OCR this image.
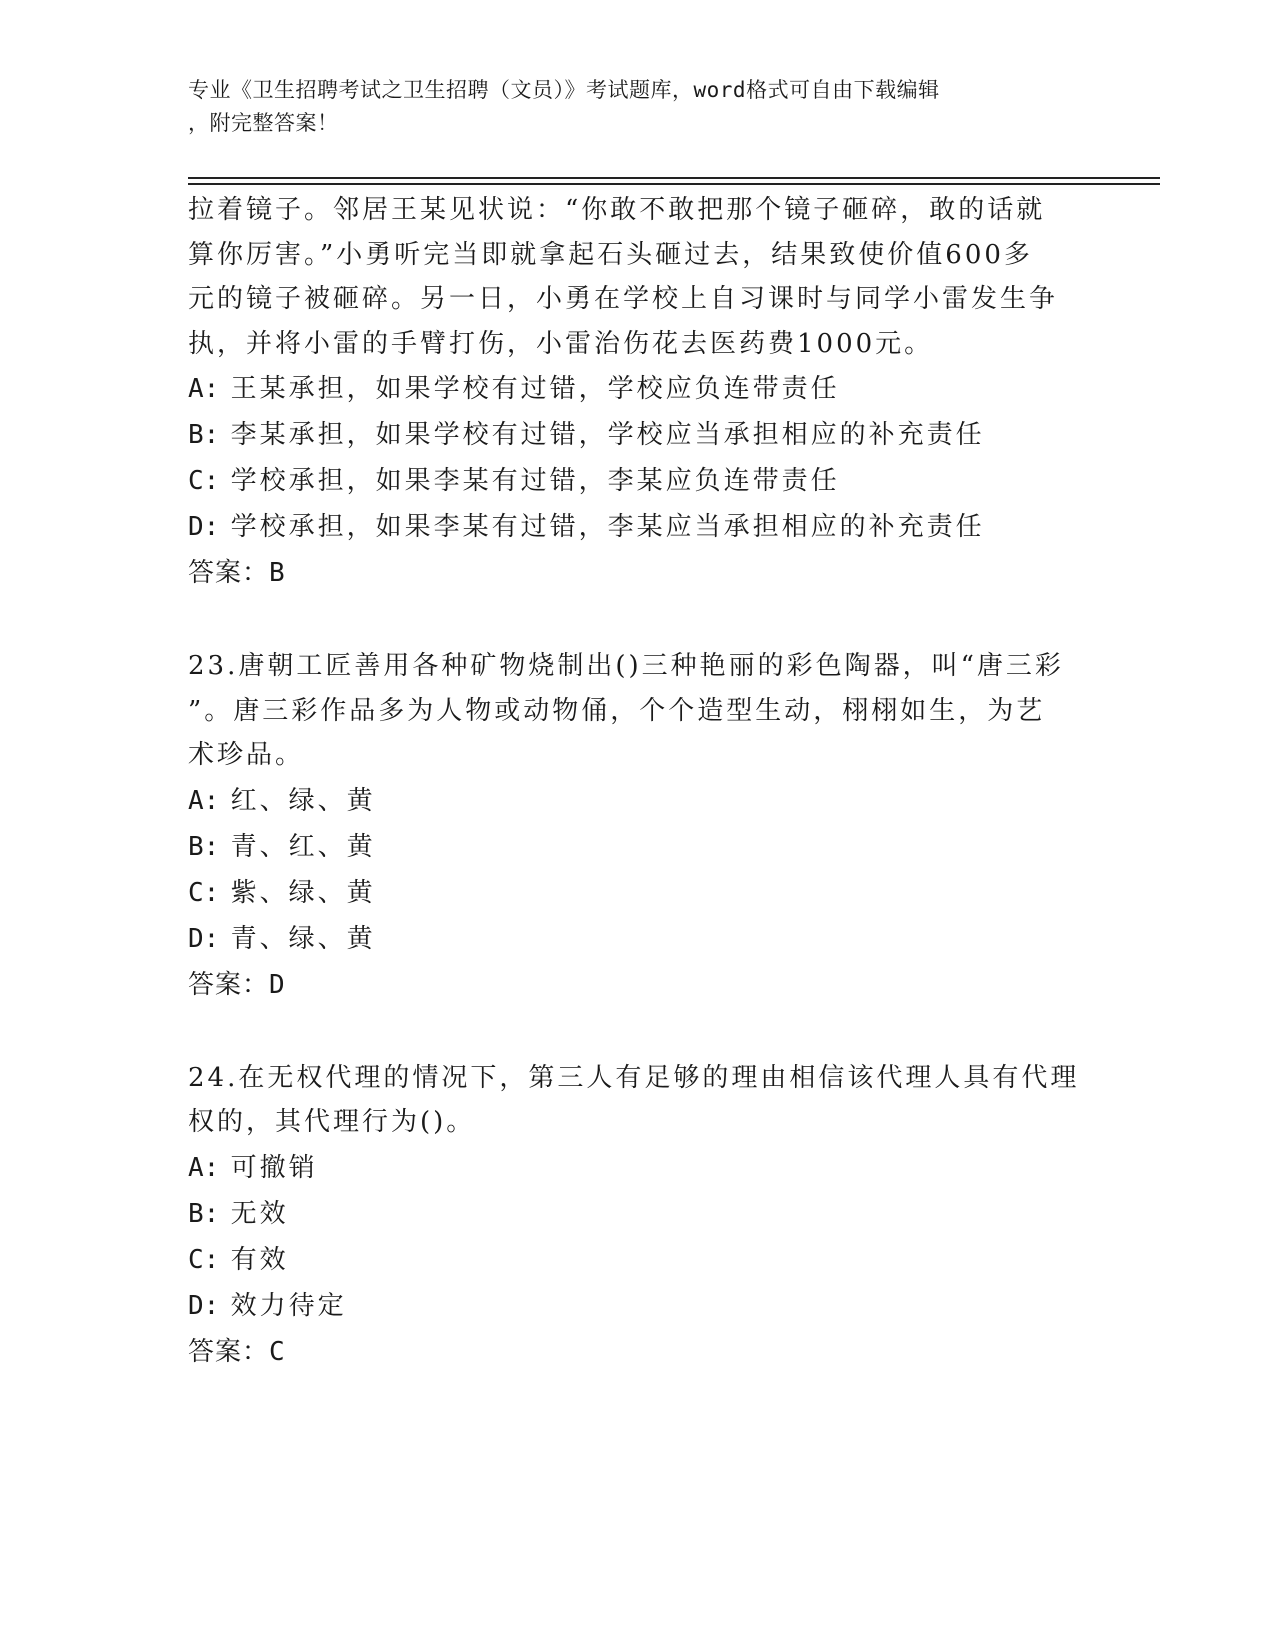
专业《卫生招聘考试之卫生招聘（文员）》考试题库，word格式可自由下载编辑
，附完整答案！
拉着镜子。邻居王某见状说：“你敢不敢把那个镜子砸碎，敢的话就
算你厉害。”小勇听完当即就拿起石头砸过去，结果致使价值600多
元的镜子被砸碎。另一日，小勇在学校上自习课时与同学小雷发生争
执，并将小雷的手臂打伤，小雷治伤花去医药费1000元。
A: 王某承担，如果学校有过错，学校应负连带责任
B: 李某承担，如果学校有过错，学校应当承担相应的补充责任
C: 学校承担，如果李某有过错，李某应负连带责任
D: 学校承担，如果李某有过错，李某应当承担相应的补充责任
答案：B
23.唐朝工匠善用各种矿物烧制出()三种艳丽的彩色陶器，叫“唐三彩
”。唐三彩作品多为人物或动物俑，个个造型生动，栩栩如生，为艺
术珍品。
A: 红、绿、黄
B: 青、红、黄
C: 紫、绿、黄
D: 青、绿、黄
答案：D
24.在无权代理的情况下，第三人有足够的理由相信该代理人具有代理
权的，其代理行为()。
A: 可撤销
B: 无效
C: 有效
D: 效力待定
答案：C
